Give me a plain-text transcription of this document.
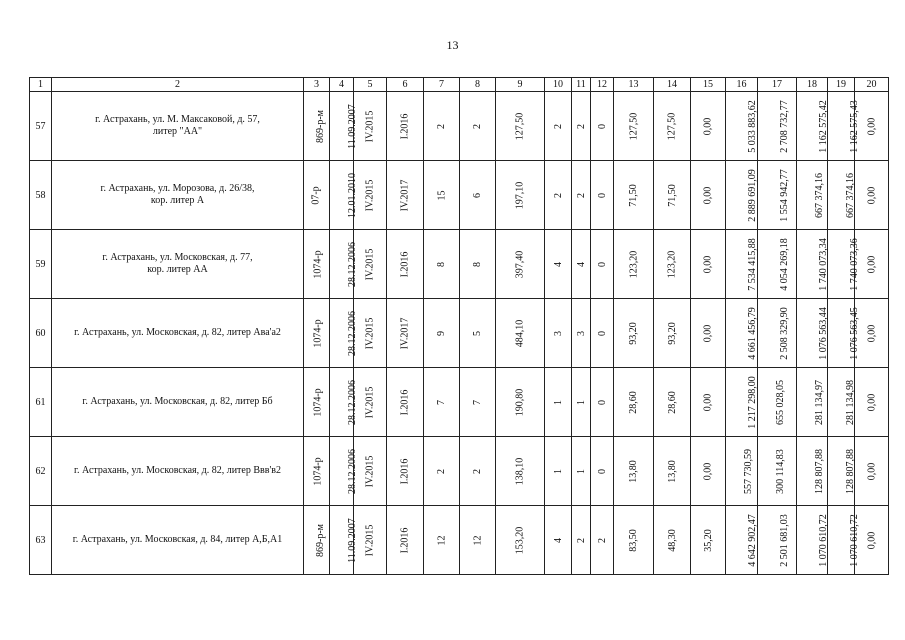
13
1	2	3	4	5	6	7	8	9	10	11	12	13	14	15	16	17	18	19	20
57	г. Астрахань, ул. М. Максаковой, д. 57,
литер "АА"	869-р-м	11.09.2007	IV.2015	I.2016	2	2	127,50	2	2	0	127,50	127,50	0,00	5 033 883,62	2 708 732,77	1 162 575,42	1 162 575,43	0,00
58	г. Астрахань, ул. Морозова, д. 26/38,
кор. литер А	07-р	12.01.2010	IV.2015	IV.2017	15	6	197,10	2	2	0	71,50	71,50	0,00	2 889 691,09	1 554 942,77	667 374,16	667 374,16	0,00
59	г. Астрахань, ул. Московская, д. 77,
кор. литер АА	1074-р	28.12.2006	IV.2015	I.2016	8	8	397,40	4	4	0	123,20	123,20	0,00	7 534 415,88	4 054 269,18	1 740 073,34	1 740 073,36	0,00
60	г. Астрахань, ул. Московская, д. 82, литер Ава'а2	1074-р	28.12.2006	IV.2015	IV.2017	9	5	484,10	3	3	0	93,20	93,20	0,00	4 661 456,79	2 508 329,90	1 076 563,44	1 076 563,45	0,00
61	г. Астрахань, ул. Московская, д. 82, литер Бб	1074-р	28.12.2006	IV.2015	I.2016	7	7	190,80	1	1	0	28,60	28,60	0,00	1 217 298,00	655 028,05	281 134,97	281 134,98	0,00
62	г. Астрахань, ул. Московская, д. 82, литер Ввв'в2	1074-р	28.12.2006	IV.2015	I.2016	2	2	138,10	1	1	0	13,80	13,80	0,00	557 730,59	300 114,83	128 807,88	128 807,88	0,00
63	г. Астрахань, ул. Московская, д. 84, литер А,Б,А1	869-р-м	11.09.2007	IV.2015	I.2016	12	12	153,20	4	2	2	83,50	48,30	35,20	4 642 902,47	2 501 681,03	1 070 610,72	1 070 610,72	0,00
